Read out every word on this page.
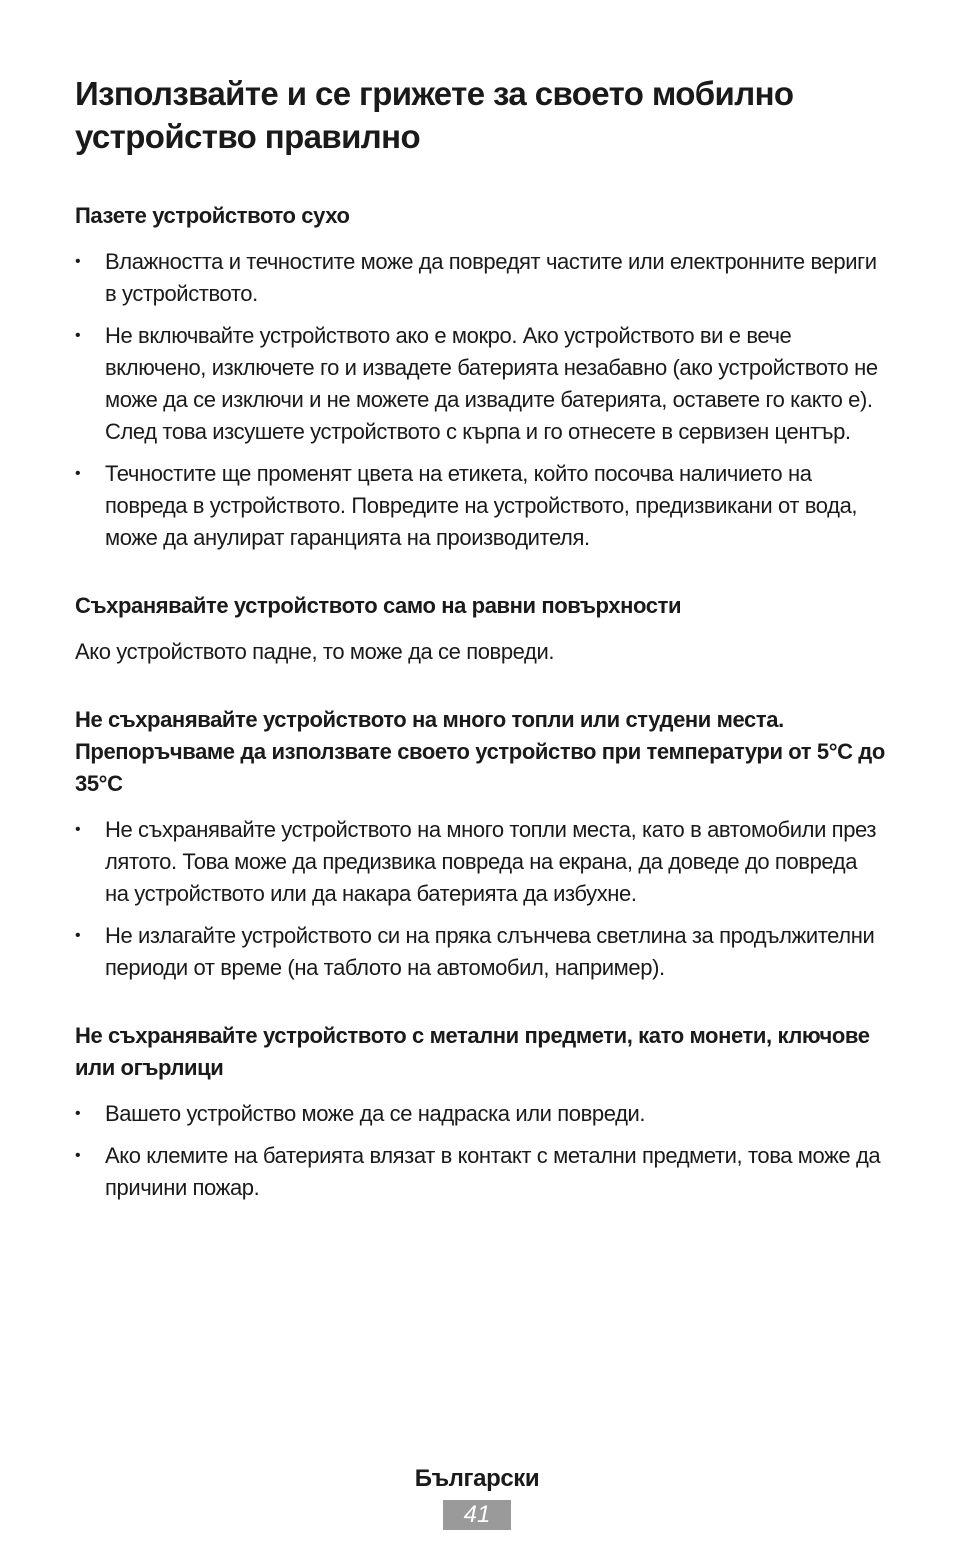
Използвайте и се грижете за своето мобилно устройство правилно
Пазете устройството сухо
• Влажността и течностите може да повредят частите или електронните вериги в устройството.
• Не включвайте устройството ако е мокро. Ако устройството ви е вече включено, изключете го и извадете батерията незабавно (ако устройството не може да се изключи и не можете да извадите батерията, оставете го както е). След това изсушете устройството с кърпа и го отнесете в сервизен център.
• Течностите ще променят цвета на етикета, който посочва наличието на повреда в устройството. Повредите на устройството, предизвикани от вода, може да анулират гаранцията на производителя.
Съхранявайте устройството само на равни повърхности

Ако устройството падне, то може да се повреди.

Не съхранявайте устройството на много топли или студени места. Препоръчваме да използвате своето устройство при температури от 5°C до 35°C
• Не съхранявайте устройството на много топли места, като в автомобили през лятото. Това може да предизвика повреда на екрана, да доведе до повреда на устройството или да накара батерията да избухне.
• Не излагайте устройството си на пряка слънчева светлина за продължителни периоди от време (на таблото на автомобил, например).
Не съхранявайте устройството с метални предмети, като монети, ключове или огърлици
• Вашето устройство може да се надраска или повреди.
• Ако клемите на батерията влязат в контакт с метални предмети, това може да причини пожар.
Български
41
